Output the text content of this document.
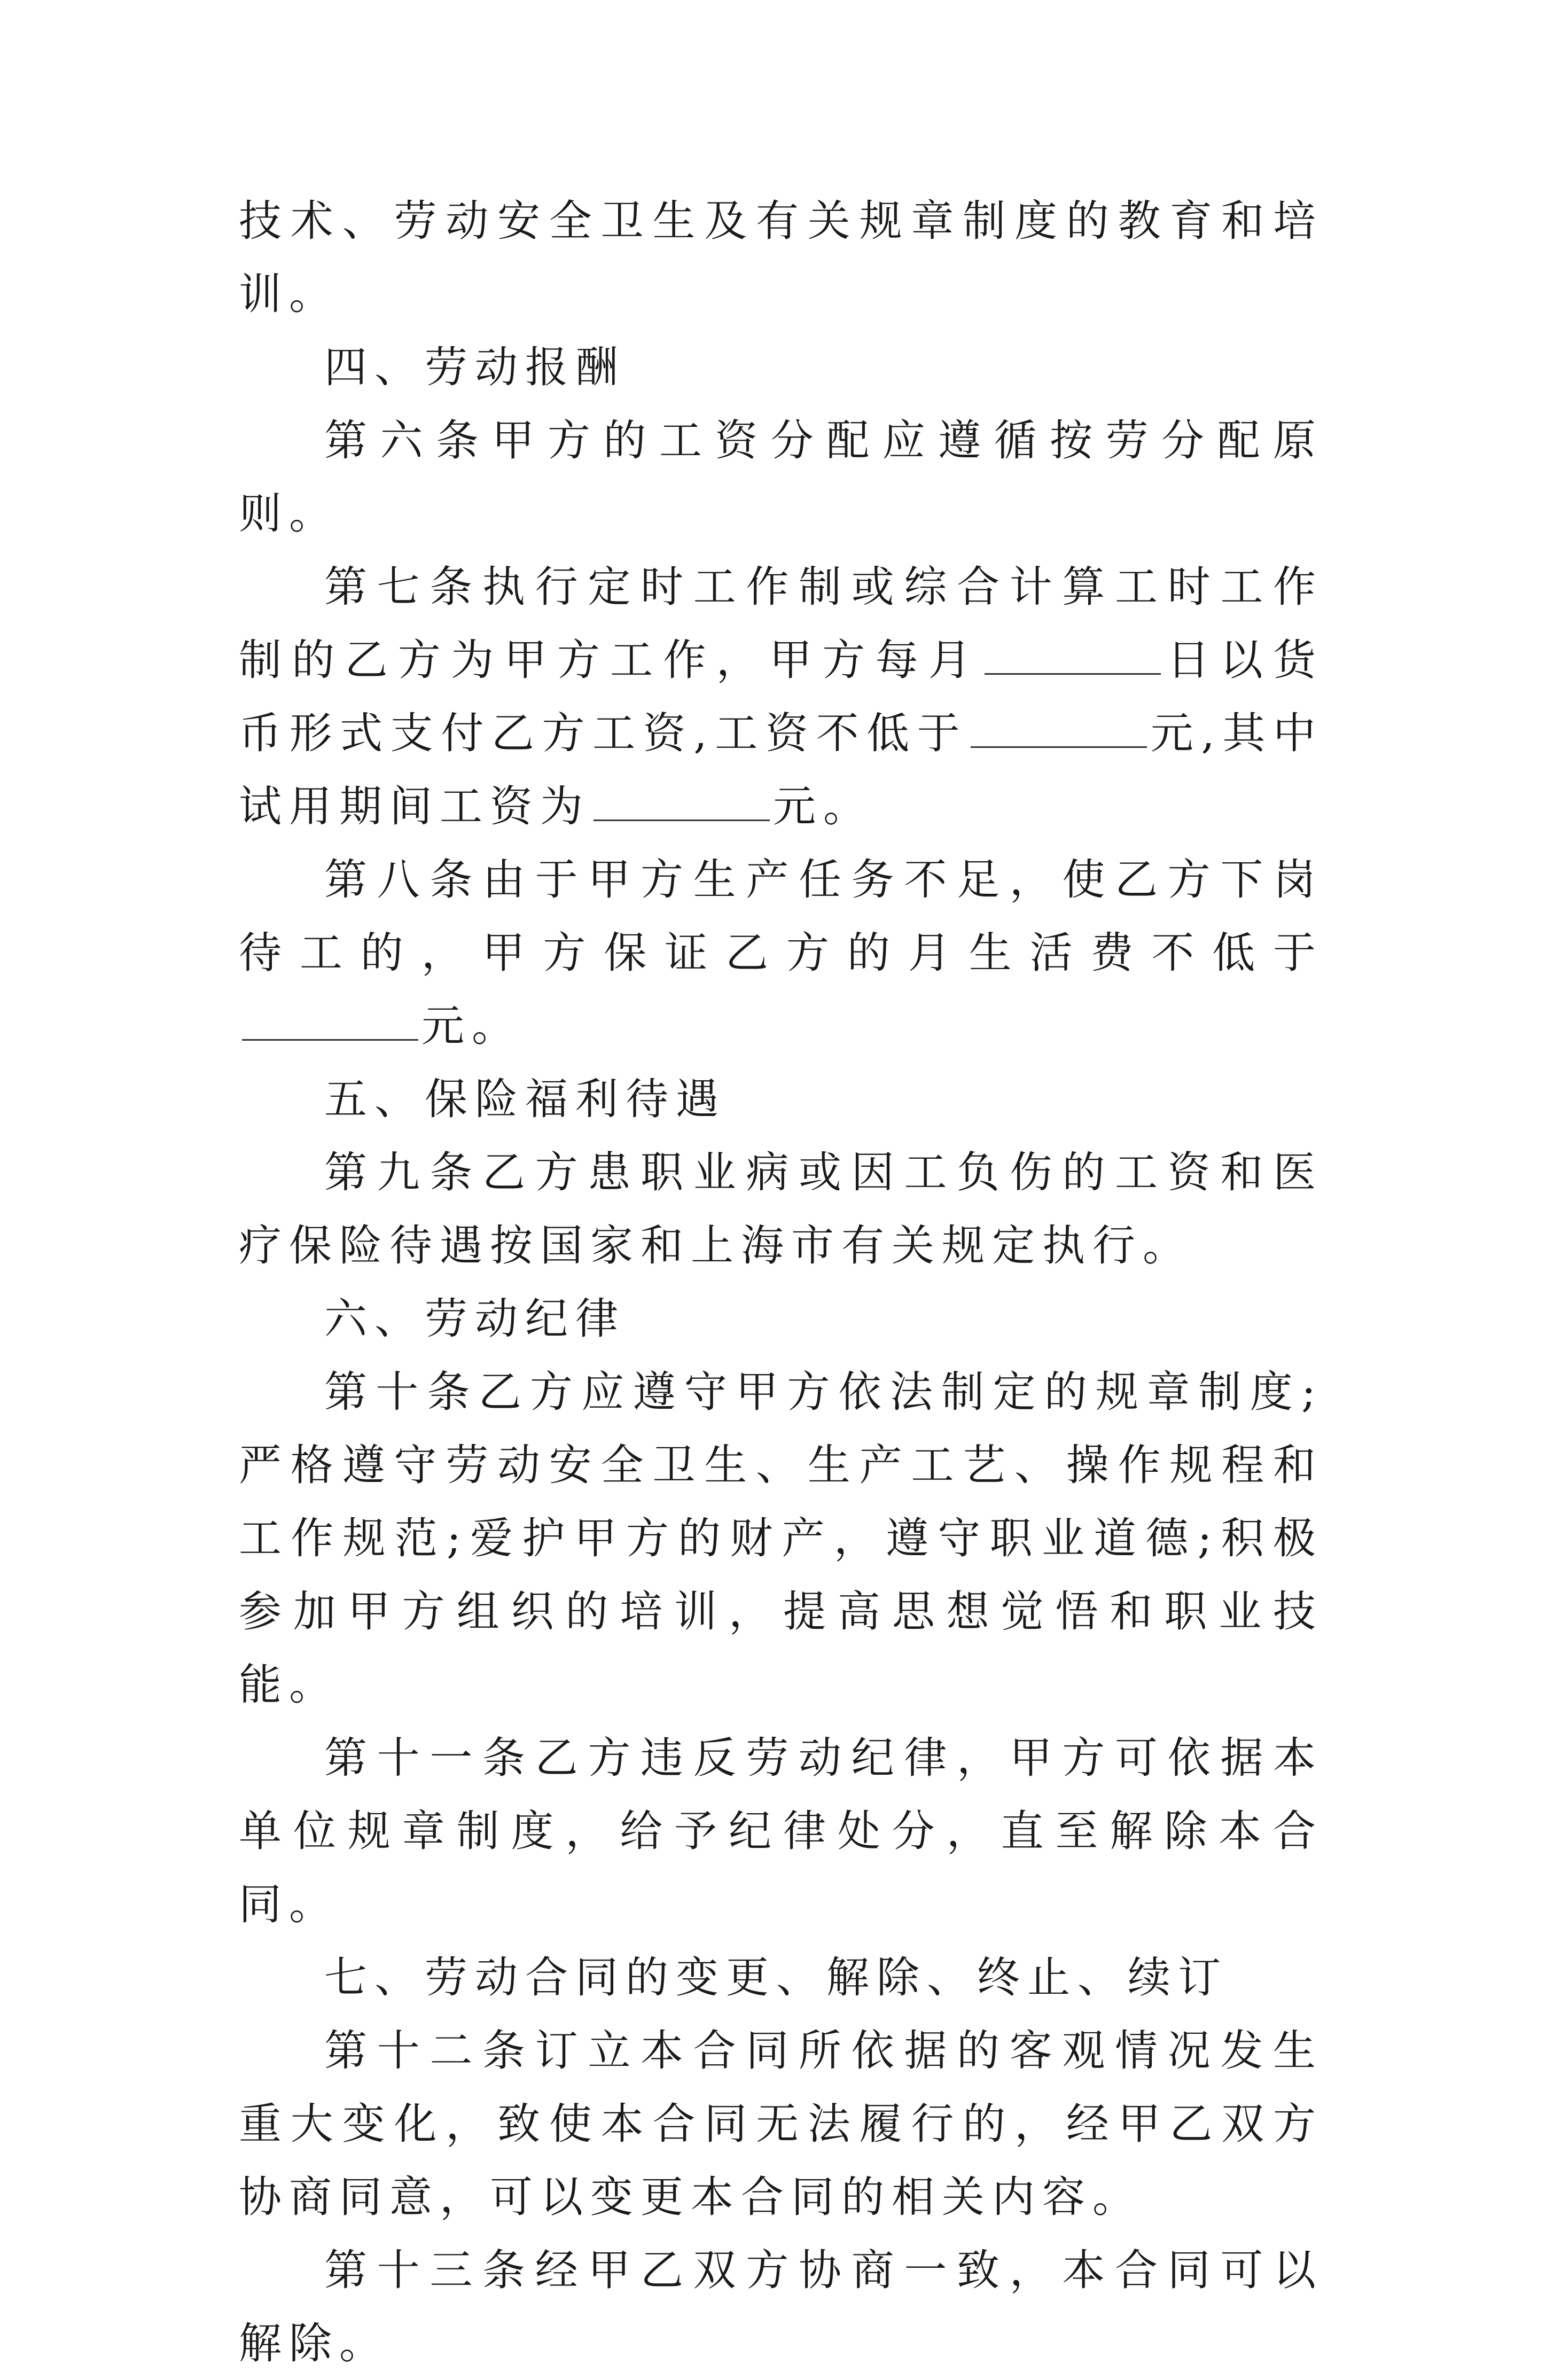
技术、劳动安全卫生及有关规章制度的教育和培训。

四、劳动报酬

第六条甲方的工资分配应遵循按劳分配原则。

第七条执行定时工作制或综合计算工时工作制的乙方为甲方工作，甲方每月	日以货币形式支付乙方工资,工资不低于	元,其中试用期间工资为	元。

第八条由于甲方生产任务不足，使乙方下岗待工的，甲方保证乙方的月生活费不低于元。

五、保险福利待遇

第九条乙方患职业病或因工负伤的工资和医疗保险待遇按国家和上海市有关规定执行。

六、劳动纪律

第十条乙方应遵守甲方依法制定的规章制度;严格遵守劳动安全卫生、生产工艺、操作规程和工作规范;爱护甲方的财产，遵守职业道德;积极参加甲方组织的培训，提高思想觉悟和职业技能。

第十一条乙方违反劳动纪律，甲方可依据本单位规章制度，给予纪律处分，直至解除本合同。

七、劳动合同的变更、解除、终止、续订

第十二条订立本合同所依据的客观情况发生重大变化，致使本合同无法履行的，经甲乙双方协商同意，可以变更本合同的相关内容。

第十三条经甲乙双方协商一致，本合同可以解除。
